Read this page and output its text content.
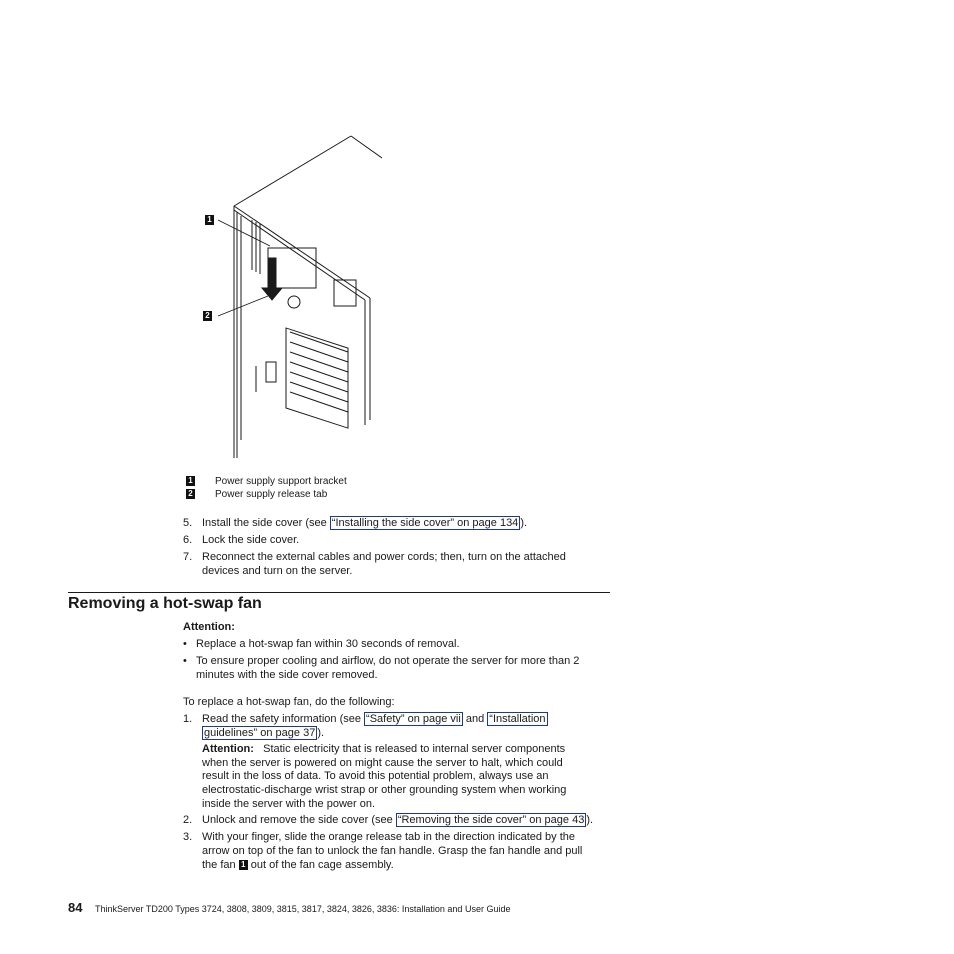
1
2
1 Power supply support bracket
2 Power supply release tab
5. Install the side cover (see “Installing the side cover” on page 134 ).
6. Lock the side cover.
7. Reconnect the external cables and power cords; then, turn on the attached
devices and turn on the server.
Removing a hot-swap fan
Attention:
• Replace a hot-swap fan within 30 seconds of removal.
• To ensure proper cooling and airflow, do not operate the server for more than 2
minutes with the side cover removed.
To replace a hot-swap fan, do the following:
1. Read the safety information (see “Safety” on page vii and “Installation
guidelines” on page 37 ).
Attention: Static electricity that is released to internal server components
when the server is powered on might cause the server to halt, which could
result in the loss of data. To avoid this potential problem, always use an
electrostatic-discharge wrist strap or other grounding system when working
inside the server with the power on.
2. Unlock and remove the side cover (see “Removing the side cover” on page 43 ).
3. With your finger, slide the orange release tab in the direction indicated by the
arrow on top of the fan to unlock the fan handle. Grasp the fan handle and pull
the fan 1 out of the fan cage assembly.
84 ThinkServer TD200 Types 3724, 3808, 3809, 3815, 3817, 3824, 3826, 3836: Installation and User Guide
